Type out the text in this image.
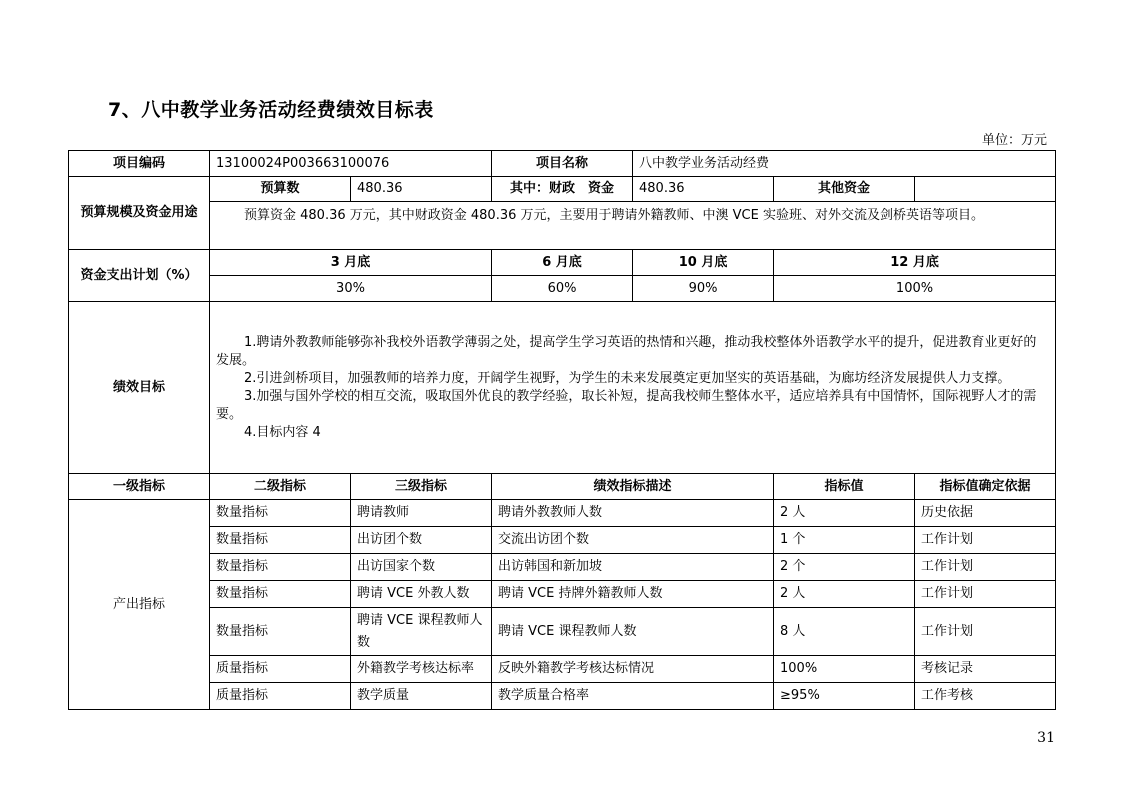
7、八中教学业务活动经费绩效目标表
单位：万元
项目编码	13100024P003663100076		项目名称	八中教学业务活动经费		
预算规模及资金用途	预算数	480.36	其中：财政　资金	480.36	其他资金	
	预算资金 480.36 万元，其中财政资金 480.36 万元，主要用于聘请外籍教师、中澳 VCE 实验班、对外交流及剑桥英语等项目。					
资金支出计划（%）	3 月底		6 月底	10 月底	12 月底	
	30%		60%	90%	100%	
绩效目标	1.聘请外教教师能够弥补我校外语教学薄弱之处，提高学生学习英语的热情和兴趣，推动我校整体外语教学水平的提升，促进教育业更好的发展。

2.引进剑桥项目，加强教师的培养力度，开阔学生视野，为学生的未来发展奠定更加坚实的英语基础，为廊坊经济发展提供人力支撑。

3.加强与国外学校的相互交流，吸取国外优良的教学经验，取长补短，提高我校师生整体水平，适应培养具有中国情怀，国际视野人才的需要。

4.目标内容 4					

一级指标	二级指标	三级指标	绩效指标描述		指标值	指标值确定依据
产出指标	数量指标	聘请教师	聘请外教教师人数		2 人	历史依据
	数量指标	出访团个数	交流出访团个数		1 个	工作计划
	数量指标	出访国家个数	出访韩国和新加坡		2 个	工作计划
	数量指标	聘请 VCE 外教人数	聘请 VCE 持牌外籍教师人数		2 人	工作计划
	数量指标	聘请 VCE 课程教师人数	聘请 VCE 课程教师人数		8 人	工作计划
	质量指标	外籍教学考核达标率	反映外籍教学考核达标情况		100%	考核记录
	质量指标	教学质量	教学质量合格率		≥95%	工作考核
31
